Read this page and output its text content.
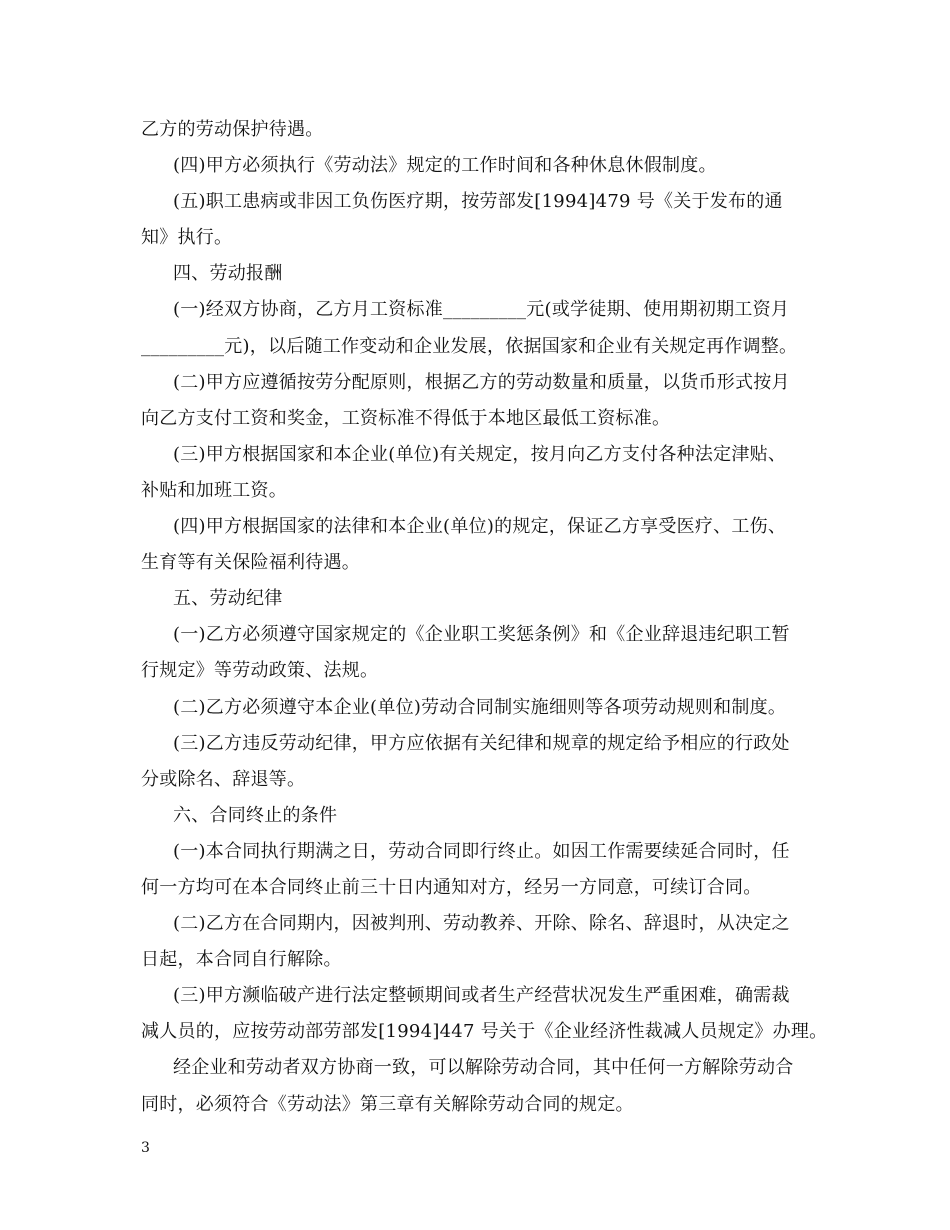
乙方的劳动保护待遇。
(四)甲方必须执行《劳动法》规定的工作时间和各种休息休假制度。
(五)职工患病或非因工负伤医疗期，按劳部发[1994]479 号《关于发布的通
知》执行。
四、劳动报酬
(一)经双方协商，乙方月工资标准_________元(或学徒期、使用期初期工资月
_________元)，以后随工作变动和企业发展，依据国家和企业有关规定再作调整。
(二)甲方应遵循按劳分配原则，根据乙方的劳动数量和质量，以货币形式按月
向乙方支付工资和奖金，工资标准不得低于本地区最低工资标准。
(三)甲方根据国家和本企业(单位)有关规定，按月向乙方支付各种法定津贴、
补贴和加班工资。
(四)甲方根据国家的法律和本企业(单位)的规定，保证乙方享受医疗、工伤、
生育等有关保险福利待遇。
五、劳动纪律
(一)乙方必须遵守国家规定的《企业职工奖惩条例》和《企业辞退违纪职工暂
行规定》等劳动政策、法规。
(二)乙方必须遵守本企业(单位)劳动合同制实施细则等各项劳动规则和制度。
(三)乙方违反劳动纪律，甲方应依据有关纪律和规章的规定给予相应的行政处
分或除名、辞退等。
六、合同终止的条件
(一)本合同执行期满之日，劳动合同即行终止。如因工作需要续延合同时，任
何一方均可在本合同终止前三十日内通知对方，经另一方同意，可续订合同。
(二)乙方在合同期内，因被判刑、劳动教养、开除、除名、辞退时，从决定之
日起，本合同自行解除。
(三)甲方濒临破产进行法定整顿期间或者生产经营状况发生严重困难，确需裁
减人员的，应按劳动部劳部发[1994]447 号关于《企业经济性裁减人员规定》办理。
经企业和劳动者双方协商一致，可以解除劳动合同，其中任何一方解除劳动合
同时，必须符合《劳动法》第三章有关解除劳动合同的规定。
3
